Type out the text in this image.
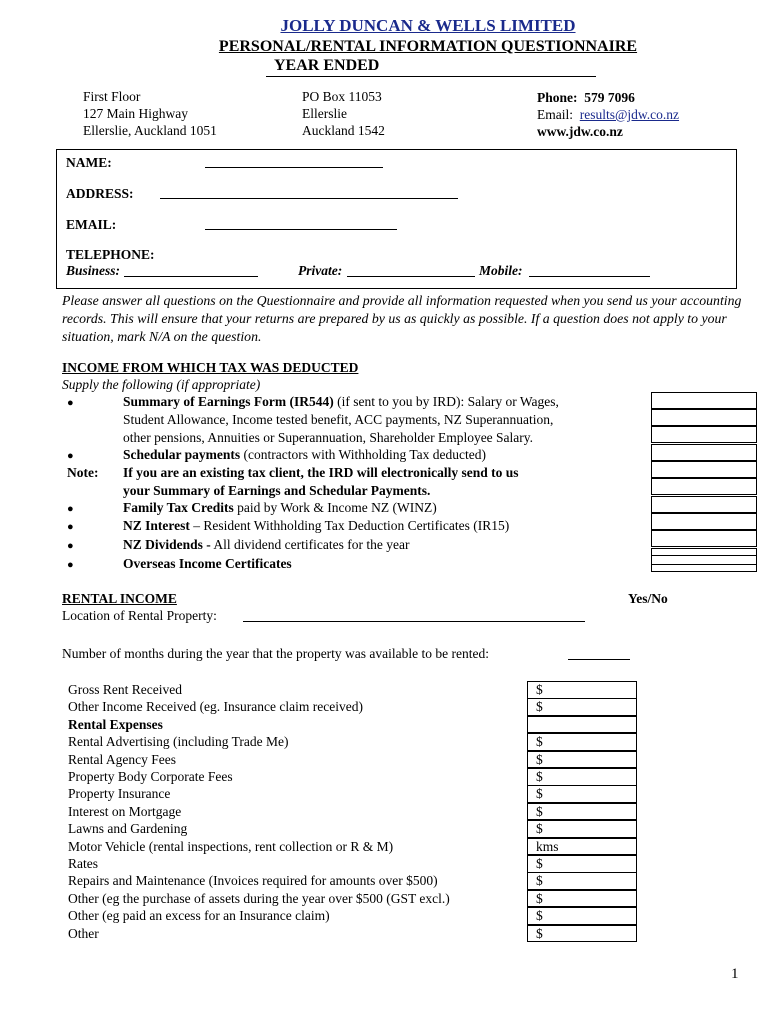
JOLLY DUNCAN & WELLS LIMITED
PERSONAL/RENTAL INFORMATION QUESTIONNAIRE
YEAR ENDED
First Floor
127 Main Highway
Ellerslie, Auckland 1051
PO Box 11053
Ellerslie
Auckland 1542
Phone: 579 7096
Email: results@jdw.co.nz
www.jdw.co.nz
NAME:
ADDRESS:
EMAIL:
TELEPHONE:
Business:	Private:	Mobile:
Please answer all questions on the Questionnaire and provide all information requested when you send us your accounting records. This will ensure that your returns are prepared by us as quickly as possible. If a question does not apply to your situation, mark N/A on the question.
INCOME FROM WHICH TAX WAS DEDUCTED
Supply the following (if appropriate)
●	Summary of Earnings Form (IR544) (if sent to you by IRD): Salary or Wages,
Student Allowance, Income tested benefit, ACC payments, NZ Superannuation,
other pensions, Annuities or Superannuation, Shareholder Employee Salary.
●	Schedular payments (contractors with Withholding Tax deducted)
Note: If you are an existing tax client, the IRD will electronically send to us
your Summary of Earnings and Schedular Payments.
●	Family Tax Credits paid by Work & Income NZ (WINZ)
●	NZ Interest – Resident Withholding Tax Deduction Certificates (IR15)
●	NZ Dividends - All dividend certificates for the year
●	Overseas Income Certificates
RENTAL INCOME	Yes/No
Location of Rental Property:
Number of months during the year that the property was available to be rented:
Gross Rent Received	$
Other Income Received (eg. Insurance claim received)	$
Rental Expenses
Rental Advertising (including Trade Me)	$
Rental Agency Fees	$
Property Body Corporate Fees	$
Property Insurance	$
Interest on Mortgage	$
Lawns and Gardening	$
Motor Vehicle (rental inspections, rent collection or R & M)	kms
Rates	$
Repairs and Maintenance (Invoices required for amounts over $500)	$
Other (eg the purchase of assets during the year over $500 (GST excl.)	$
Other (eg paid an excess for an Insurance claim)	$
Other	$
1
